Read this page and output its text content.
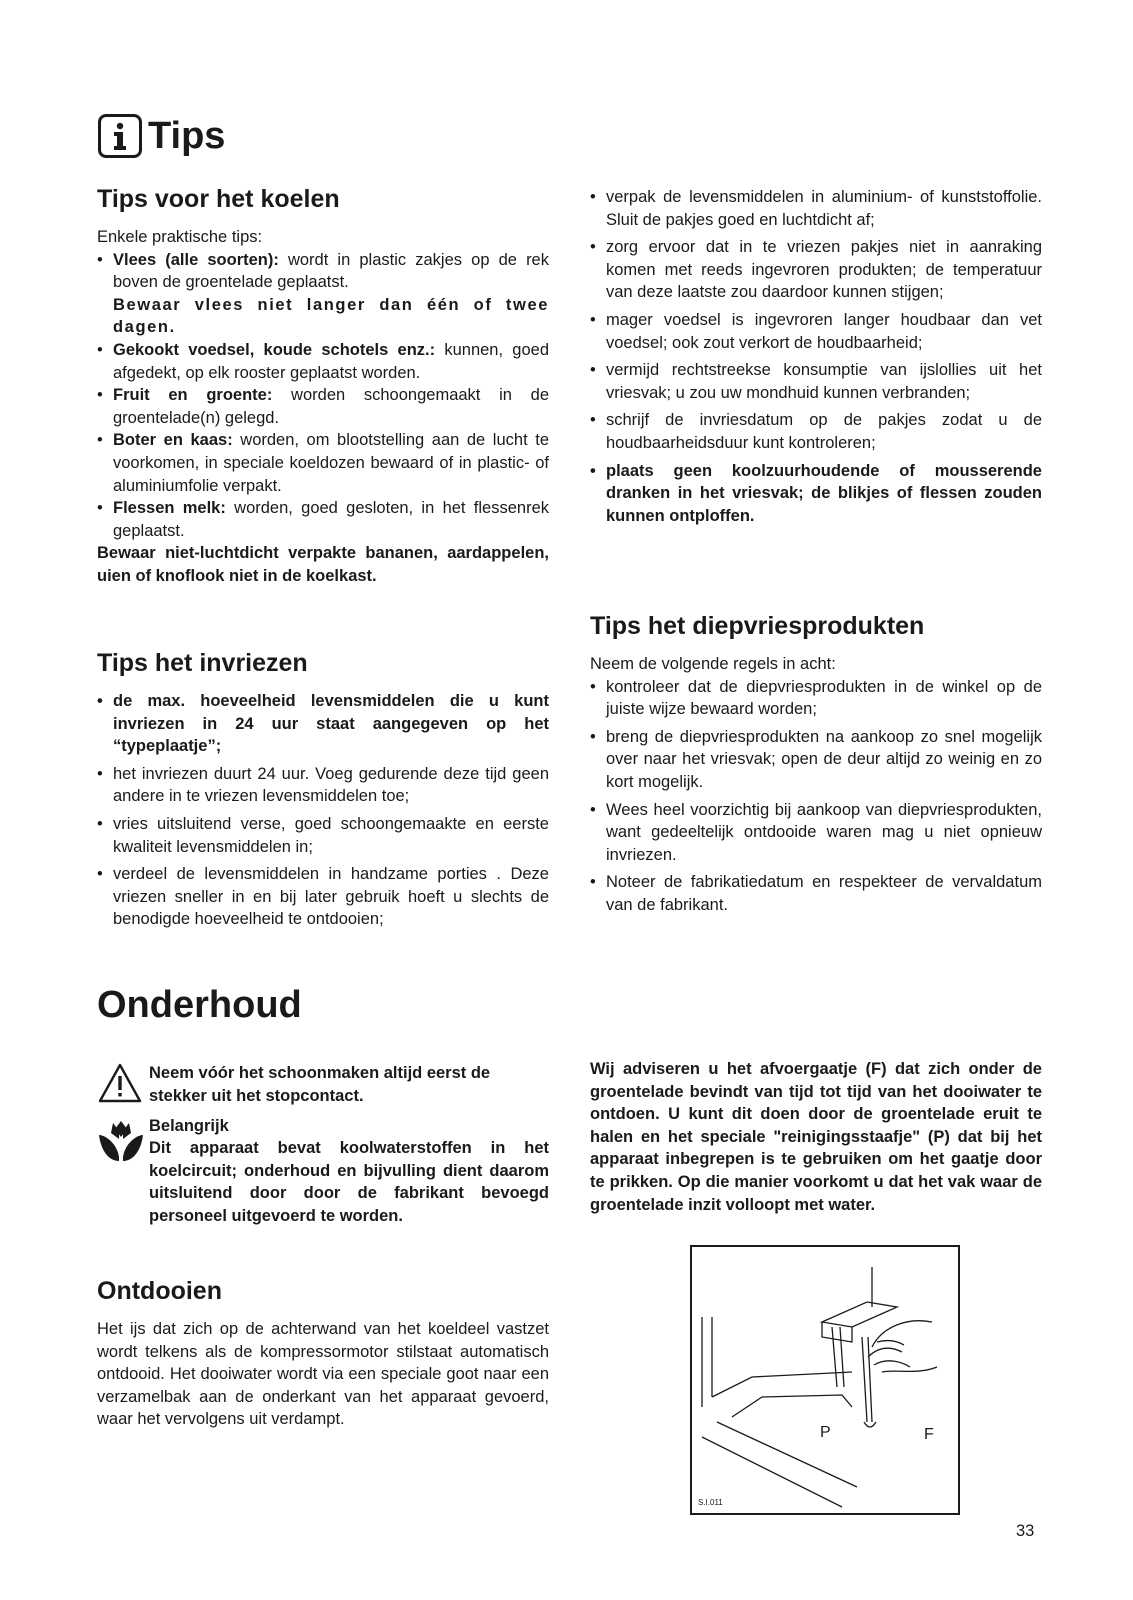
Tips
Tips voor het koelen

Enkele praktische tips:

• Vlees (alle soorten): wordt in plastic zakjes op de rek boven de groentelade geplaatst.
Bewaar vlees niet langer dan één of twee dagen.
• Gekookt voedsel, koude schotels enz.: kunnen, goed afgedekt, op elk rooster geplaatst worden.
• Fruit en groente: worden schoongemaakt in de groentelade(n) gelegd.
• Boter en kaas: worden, om blootstelling aan de lucht te voorkomen, in speciale koeldozen bewaard of in plastic- of aluminiumfolie verpakt.
• Flessen melk: worden, goed gesloten, in het flessenrek geplaatst.

Bewaar niet-luchtdicht verpakte bananen, aardappelen, uien of knoflook niet in de koelkast.

Tips het invriezen
• de max. hoeveelheid levensmiddelen die u kunt invriezen in 24 uur staat aangegeven op het “typeplaatje”;
• het invriezen duurt 24 uur. Voeg gedurende deze tijd geen andere in te vriezen levensmiddelen toe;
• vries uitsluitend verse, goed schoongemaakte en eerste kwaliteit levensmiddelen in;
• verdeel de levensmiddelen in handzame porties . Deze vriezen sneller in en bij later gebruik hoeft u slechts de benodigde hoeveelheid te ontdooien;
• verpak de levensmiddelen in aluminium- of kunststoffolie. Sluit de pakjes goed en luchtdicht af;
• zorg ervoor dat in te vriezen pakjes niet in aanraking komen met reeds ingevroren produkten; de temperatuur van deze laatste zou daardoor kunnen stijgen;
• mager voedsel is ingevroren langer houdbaar dan vet voedsel; ook zout verkort de houdbaarheid;
• vermijd rechtstreekse konsumptie van ijslollies uit het vriesvak; u zou uw mondhuid kunnen verbranden;
• schrijf de invriesdatum op de pakjes zodat u de houdbaarheidsduur kunt kontroleren;
• plaats geen koolzuurhoudende of mousserende dranken in het vriesvak; de blikjes of flessen zouden kunnen ontploffen.
Tips het diepvriesprodukten

Neem de volgende regels in acht:

• kontroleer dat de diepvriesprodukten in de winkel op de juiste wijze bewaard worden;
• breng de diepvriesprodukten na aankoop zo snel mogelijk over naar het vriesvak; open de deur altijd zo weinig en zo kort mogelijk.
• Wees heel voorzichtig bij aankoop van diepvriesprodukten, want gedeeltelijk ontdooide waren mag u niet opnieuw invriezen.
• Noteer de fabrikatiedatum en respekteer de vervaldatum van de fabrikant.
Onderhoud
Neem vóór het schoonmaken altijd eerst de stekker uit het stopcontact.
Belangrijk
Dit apparaat bevat koolwaterstoffen in het koelcircuit; onderhoud en bijvulling dient daarom uitsluitend door door de fabrikant bevoegd personeel uitgevoerd te worden.
Ontdooien

Het ijs dat zich op de achterwand van het koeldeel vastzet wordt telkens als de kompressormotor stilstaat automatisch ontdooid. Het dooiwater wordt via een speciale goot naar een verzamelbak aan de onderkant van het apparaat gevoerd, waar het vervolgens uit verdampt.

Wij adviseren u het afvoergaatje (F) dat zich onder de groentelade bevindt van tijd tot tijd van het dooiwater te ontdoen. U kunt dit doen door de groentelade eruit te halen en het speciale "reinigingsstaafje" (P) dat bij het apparaat inbegrepen is te gebruiken om het gaatje door te prikken. Op die manier voorkomt u dat het vak waar de groentelade inzit volloopt met water.

P	F
S.I.011
33
